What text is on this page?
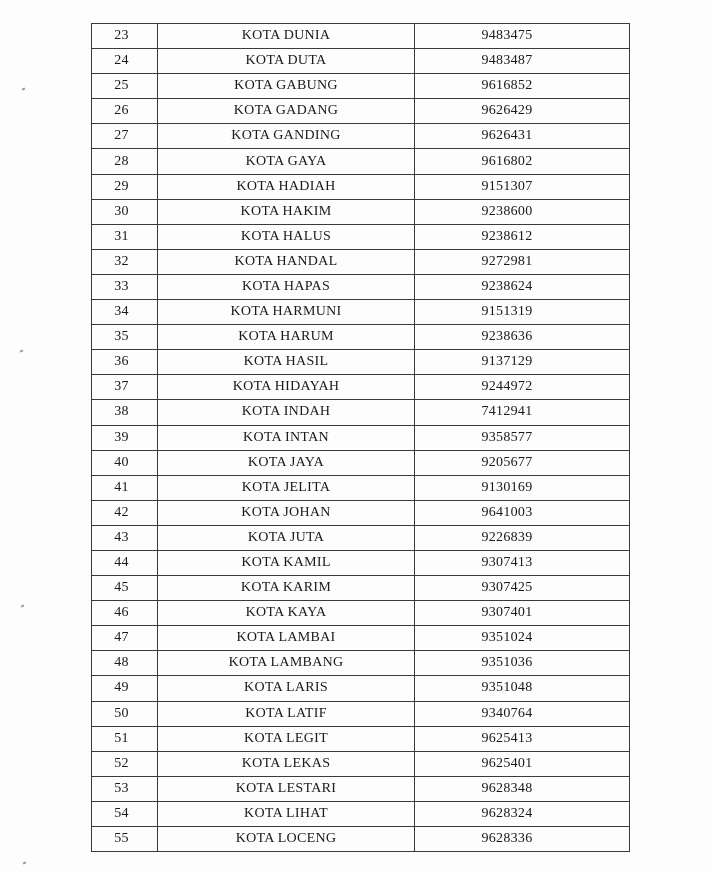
23	KOTA DUNIA	9483475
24	KOTA DUTA	9483487
25	KOTA GABUNG	9616852
26	KOTA GADANG	9626429
27	KOTA GANDING	9626431
28	KOTA GAYA	9616802
29	KOTA HADIAH	9151307
30	KOTA HAKIM	9238600
31	KOTA HALUS	9238612
32	KOTA HANDAL	9272981
33	KOTA HAPAS	9238624
34	KOTA HARMUNI	9151319
35	KOTA HARUM	9238636
36	KOTA HASIL	9137129
37	KOTA HIDAYAH	9244972
38	KOTA INDAH	7412941
39	KOTA INTAN	9358577
40	KOTA JAYA	9205677
41	KOTA JELITA	9130169
42	KOTA JOHAN	9641003
43	KOTA JUTA	9226839
44	KOTA KAMIL	9307413
45	KOTA KARIM	9307425
46	KOTA KAYA	9307401
47	KOTA LAMBAI	9351024
48	KOTA LAMBANG	9351036
49	KOTA LARIS	9351048
50	KOTA LATIF	9340764
51	KOTA LEGIT	9625413
52	KOTA LEKAS	9625401
53	KOTA LESTARI	9628348
54	KOTA LIHAT	9628324
55	KOTA LOCENG	9628336
